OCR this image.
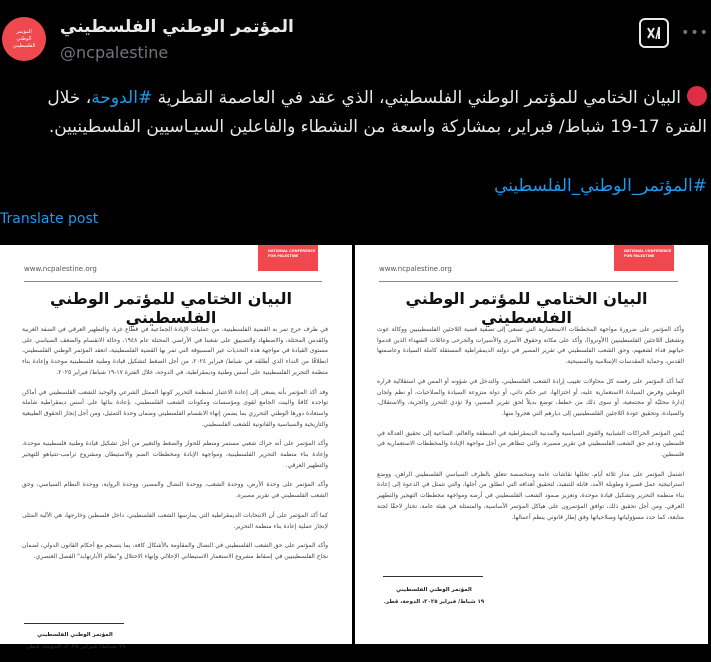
المؤتمر
الوطني
الفلسطيني
المؤتمر الوطني الفلسطيني
@ncpalestine
•••
البيان الختامي للمؤتمر الوطني الفلسطيني، الذي عقد في العاصمة القطرية #الدوحة، خلال الفترة 17-19 شباط/ فبراير، بمشاركة واسعة من النشطاء والفاعلين السيـاسيين الفلسطينيين.
#المؤتمر_الوطني_الفلسطيني
Translate post
NATIONAL CONFERENCE
FOR PALESTINE
www.ncpalestine.org
البيان الختامي للمؤتمر الوطني الفلسطيني

في ظرف حرج تمر به القضية الفلسطينية، من عمليات الإبادة الجماعية في قطاع غزة، والتطهير العرقي في الضفة الغربية والقدس المحتلة، والاضطهاد والتضييق على شعبنا في الأراضي المحتلة عام ١٩٤٨، وحالة الانقسام والضعف السياسي على مستوى القيادة في مواجهة هذه التحديات غير المسبوقة التي تمر بها القضية الفلسطينية، انعقد المؤتمر الوطني الفلسطيني، انطلاقًا من النداء الذي أطلقه في شباط/ فبراير ٢٠٢٤، من أجل الضغط لتشكيل قيادة وطنية فلسطينية موحدة وإعادة بناء منظمة التحرير الفلسطينية على أسس وطنية وديمقراطية، في الدوحة، خلال الفترة ١٧-١٩ شباط/ فبراير ٢٠٢٥.

وقد أكد المؤتمر بأنه يسعى إلى إعادة الاعتبار لمنظمة التحرير كونها الممثل الشرعي والوحيد للشعب الفلسطيني في أماكن تواجده كافةً والبيت الجامع لقوى ومؤسسات ومكونات الشعب الفلسطيني، بإعادة بنائها على أسس ديمقراطية شاملة واستعادة دورها الوطني التحرري بما يضمن إنهاء الانقسام الفلسطيني وضمان وحدة التمثيل، ومن أجل إنجاز الحقوق الطبيعية والتاريخية والسياسية والقانونية للشعب الفلسطيني.

وأكد المؤتمر على أنه حراك شعبي مستمر ومنظم للحوار والضغط والتغيير من أجل تشكيل قيادة وطنية فلسطينية موحدة، وإعادة بناء منظمة التحرير الفلسطينية، ومواجهة الإبادة ومخططات الضم والاستيطان ومشروع ترامب-نتنياهو للتهجير والتطهير العرقي.

وأكد المؤتمر على وحدة الأرض، ووحدة الشعب، ووحدة النضال والمصير، ووحدة الرواية، ووحدة النظام السياسي، وحق الشعب الفلسطيني في تقرير مصيره.

كما أكد المؤتمر على أن الانتخابات الديمقراطية التي يمارسها الشعب الفلسطيني، داخل فلسطين وخارجها، هي الآلية المثلى لإنجاز عملية إعادة بناء منظمة التحرير.

وأكد المؤتمر على حق الشعب الفلسطيني في النضال والمقاومة بالأشكال كافة، بما ينسجم مع أحكام القانون الدولي، لضمان نجاح الفلسطينيين في إسقاط مشروع الاستعمار الاستيطاني الإحلالي وإنهاء الاحتلال و"نظام الأبارتهايد" الفصل العنصري.

المؤتمر الوطني الفلسطيني
١٩ شباط/ فبراير ٢٠٢٥، الدوحة، قطر.
NATIONAL CONFERENCE
FOR PALESTINE
www.ncpalestine.org
البيان الختامي للمؤتمر الوطني الفلسطيني

وأكد المؤتمر على ضرورة مواجهة المخططات الاستعمارية التي تسعى إلى تصفية قضية اللاجئين الفلسطينيين ووكالة غوث وتشغيل اللاجئين الفلسطينيين (الأونروا)، وأكد على مكانة وحقوق الأسرى والأسيرات والجرحى وعائلات الشهداء الذين قدموا حياتهم فداء لشعبهم، وحق الشعب الفلسطيني في تقرير المصير في دولته الديمقراطية المستقلة كاملة السيادة وعاصمتها القدس، وحماية المقدسات الإسلامية والمسيحية.

كما أكد المؤتمر على رفضه كل محاولات تغييب إرادة الشعب الفلسطيني، والتدخل في شؤونه أو المس في استقلالية قراره الوطني وفرض السيادة الاستعمارية عليه، أو اختزالها، عبر حكم ذاتي، أو دولة منزوعة السيادة والصلاحيات، أو نظم ولجان إدارة محليّة أو مجتمعية، أو سوى ذلك من خطط، توضع بديلاً لحق تقرير المصير، ولا تؤدي للتحرر والحرية، والاستقلال، والسيادة، وتحقيق عودة اللاجئين الفلسطينيين إلى ديارهم التي هجروا منها.

يُثمن المؤتمر الحراكات الشبابية والقوى السياسية والمدنية الديمقراطية في المنطقة والعالم، الساعية إلى تحقيق العدالة في فلسطين ودعم حق الشعب الفلسطيني في تقرير مصيره، والتي تتظاهر من أجل مواجهة الإبادة والمخططات الاستعمارية في فلسطين.

اشتمل المؤتمر على مدار ثلاثة أيام، تخللها نقاشات عامة ومتخصصة تتعلق بالظرف السياسي الفلسطيني الراهن، ووضع استراتيجية عمل قصيرة وطويلة الأمد، قابلة للتنفيذ، لتحقيق أهدافه التي انطلق من أجلها، والتي تتمثل في الدعوة إلى إعادة بناء منظمة التحرير وتشكيل قيادة موحدة، وتعزيز صمود الشعب الفلسطيني في أرضه ومواجهة مخططات التهجير والتطهير العرقي. ومن أجل تحقيق ذلك، توافق المؤتمرون على هياكل المؤتمر الأساسية، والمتمثلة في هيئة عامة، تختار لاحقًا لجنة متابعة، كما حدد مسؤولياتها وصلاحياتها وفق إطار قانوني ينظم أعمالها.

المؤتمر الوطني الفلسطيني
١٩ شباط/ فبراير ٢٠٢٥، الدوحة، قطر.
